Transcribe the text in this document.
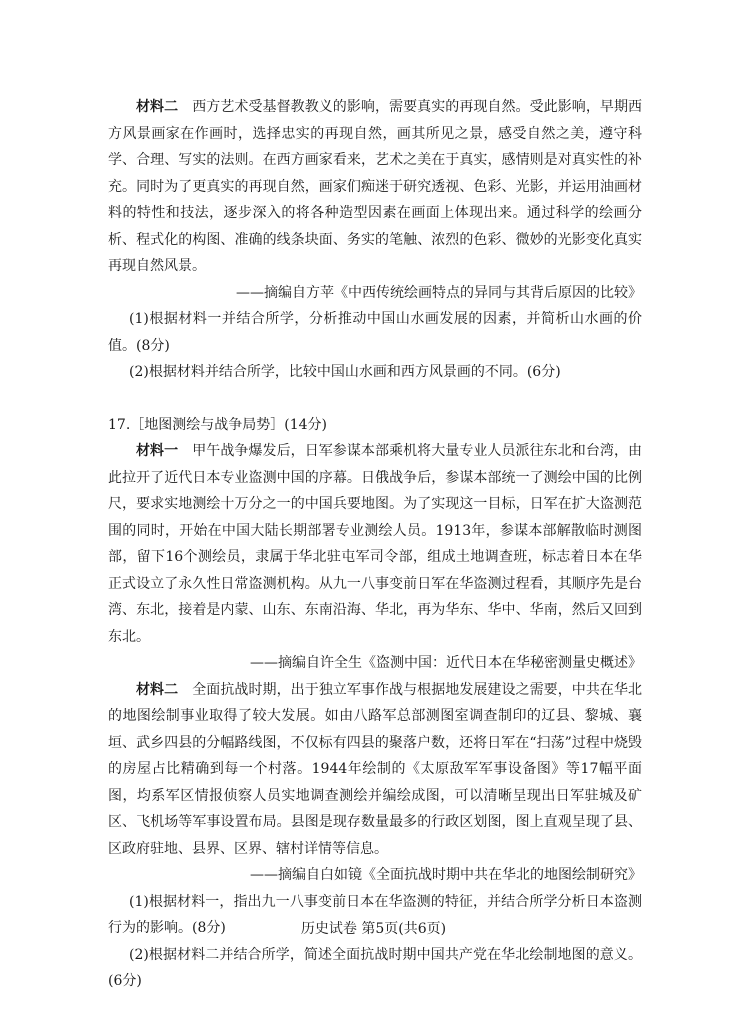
材料二　 西方艺术受基督教教义的影响，需要真实的再现自然。受此影响，早期西方风景画家在作画时，选择忠实的再现自然，画其所见之景，感受自然之美，遵守科学、合理、写实的法则。在西方画家看来，艺术之美在于真实，感情则是对真实性的补充。同时为了更真实的再现自然，画家们痴迷于研究透视、色彩、光影，并运用油画材料的特性和技法，逐步深入的将各种造型因素在画面上体现出来。通过科学的绘画分析、程式化的构图、准确的线条块面、务实的笔触、浓烈的色彩、微妙的光影变化真实再现自然风景。

——摘编自方苹《中西传统绘画特点的异同与其背后原因的比较》

(1)根据材料一并结合所学，分析推动中国山水画发展的因素，并简析山水画的价值。(8分)

(2)根据材料并结合所学，比较中国山水画和西方风景画的不同。(6分)

17.［地图测绘与战争局势］(14分)

材料一　 甲午战争爆发后，日军参谋本部乘机将大量专业人员派往东北和台湾，由此拉开了近代日本专业盗测中国的序幕。日俄战争后，参谋本部统一了测绘中国的比例尺，要求实地测绘十万分之一的中国兵要地图。为了实现这一目标，日军在扩大盗测范围的同时，开始在中国大陆长期部署专业测绘人员。1913年，参谋本部解散临时测图部，留下16个测绘员，隶属于华北驻屯军司令部，组成土地调查班，标志着日本在华正式设立了永久性日常盗测机构。从九一八事变前日军在华盗测过程看，其顺序先是台湾、东北，接着是内蒙、山东、东南沿海、华北，再为华东、华中、华南，然后又回到东北。

——摘编自许全生《盗测中国：近代日本在华秘密测量史概述》

材料二　 全面抗战时期，出于独立军事作战与根据地发展建设之需要，中共在华北的地图绘制事业取得了较大发展。如由八路军总部测图室调查制印的辽县、黎城、襄垣、武乡四县的分幅路线图，不仅标有四县的聚落户数，还将日军在“扫荡”过程中烧毁的房屋占比精确到每一个村落。1944年绘制的《太原敌军军事设备图》等17幅平面图，均系军区情报侦察人员实地调查测绘并编绘成图，可以清晰呈现出日军驻城及矿区、飞机场等军事设置布局。县图是现存数量最多的行政区划图，图上直观呈现了县、区政府驻地、县界、区界、辖村详情等信息。

——摘编自白如镜《全面抗战时期中共在华北的地图绘制研究》

(1)根据材料一，指出九一八事变前日本在华盗测的特征，并结合所学分析日本盗测行为的影响。(8分)

(2)根据材料二并结合所学，简述全面抗战时期中国共产党在华北绘制地图的意义。(6分)

历史试卷 第5页(共6页)
